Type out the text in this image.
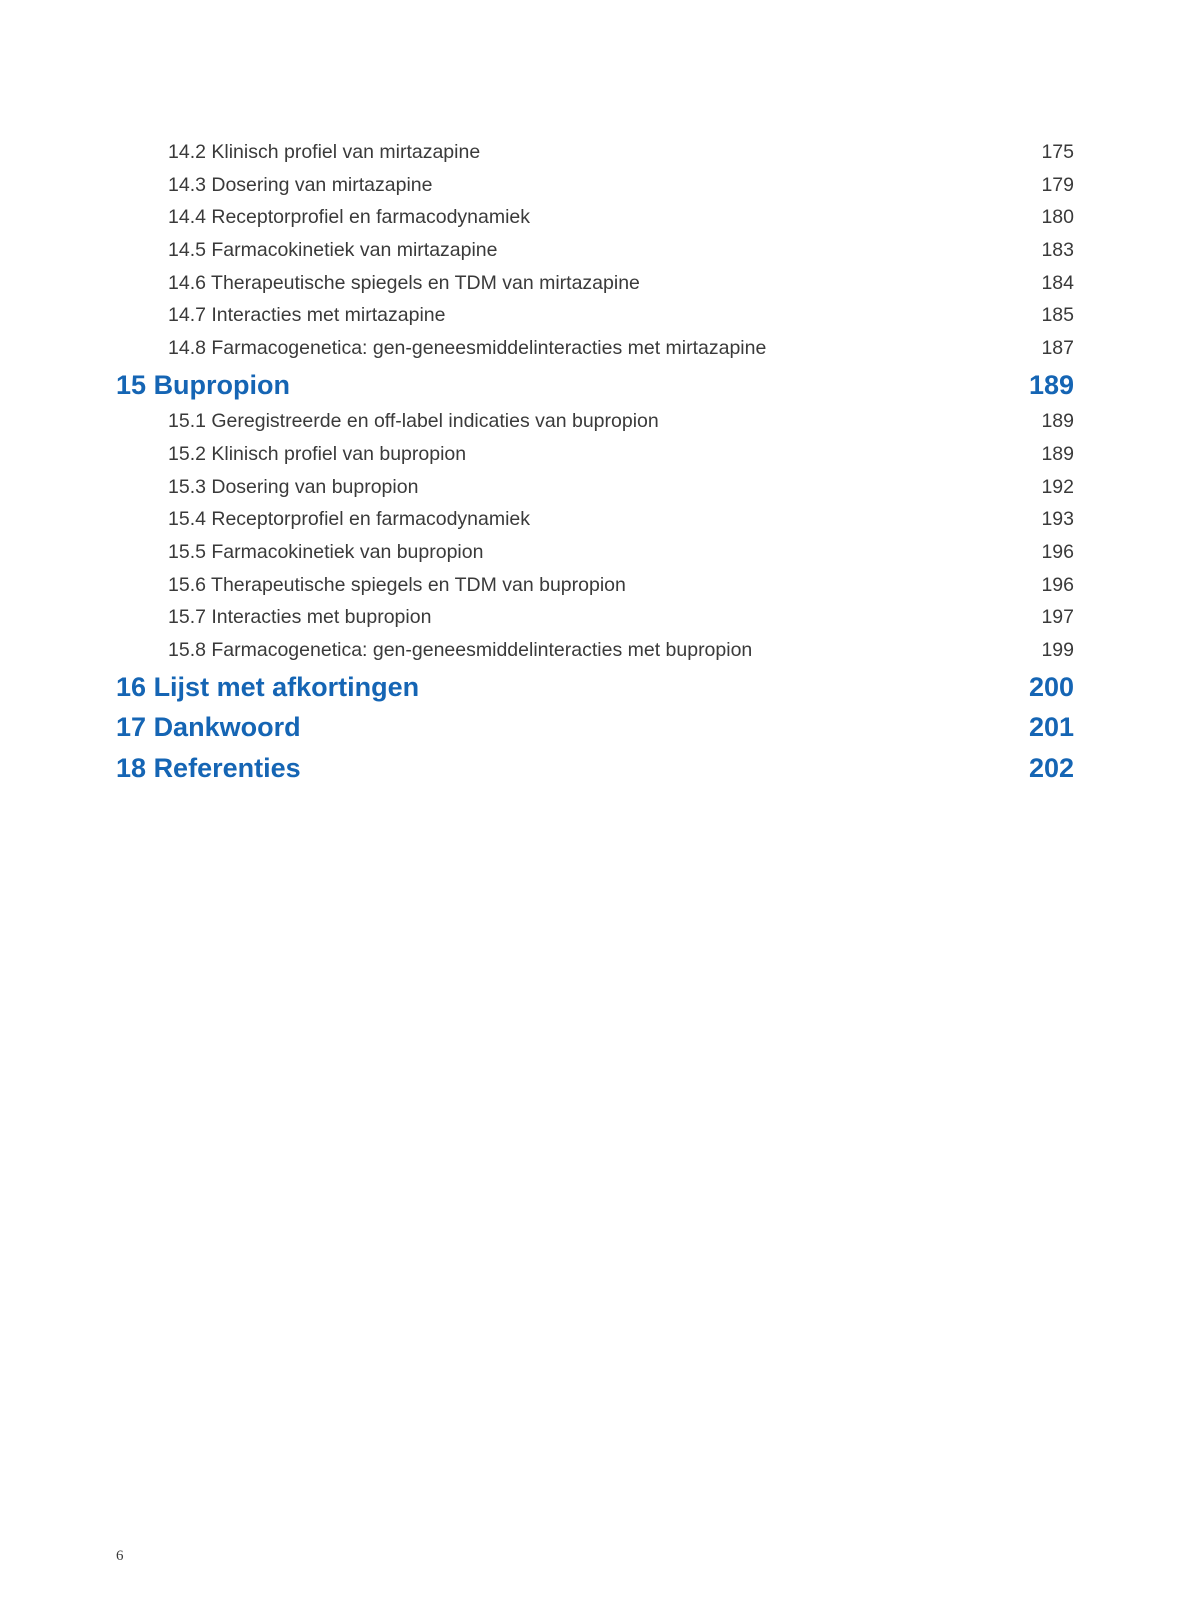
14.2 Klinisch profiel van mirtazapine	175
14.3 Dosering van mirtazapine	179
14.4 Receptorprofiel en farmacodynamiek	180
14.5 Farmacokinetiek van mirtazapine	183
14.6 Therapeutische spiegels en TDM van mirtazapine	184
14.7 Interacties met mirtazapine	185
14.8 Farmacogenetica: gen-geneesmiddelinteracties met mirtazapine	187
15 Bupropion	189
15.1 Geregistreerde en off-label indicaties van bupropion	189
15.2 Klinisch profiel van bupropion	189
15.3 Dosering van bupropion	192
15.4 Receptorprofiel en farmacodynamiek	193
15.5 Farmacokinetiek van bupropion	196
15.6 Therapeutische spiegels en TDM van bupropion	196
15.7 Interacties met bupropion	197
15.8 Farmacogenetica: gen-geneesmiddelinteracties met bupropion	199
16 Lijst met afkortingen	200
17 Dankwoord	201
18 Referenties	202
6
